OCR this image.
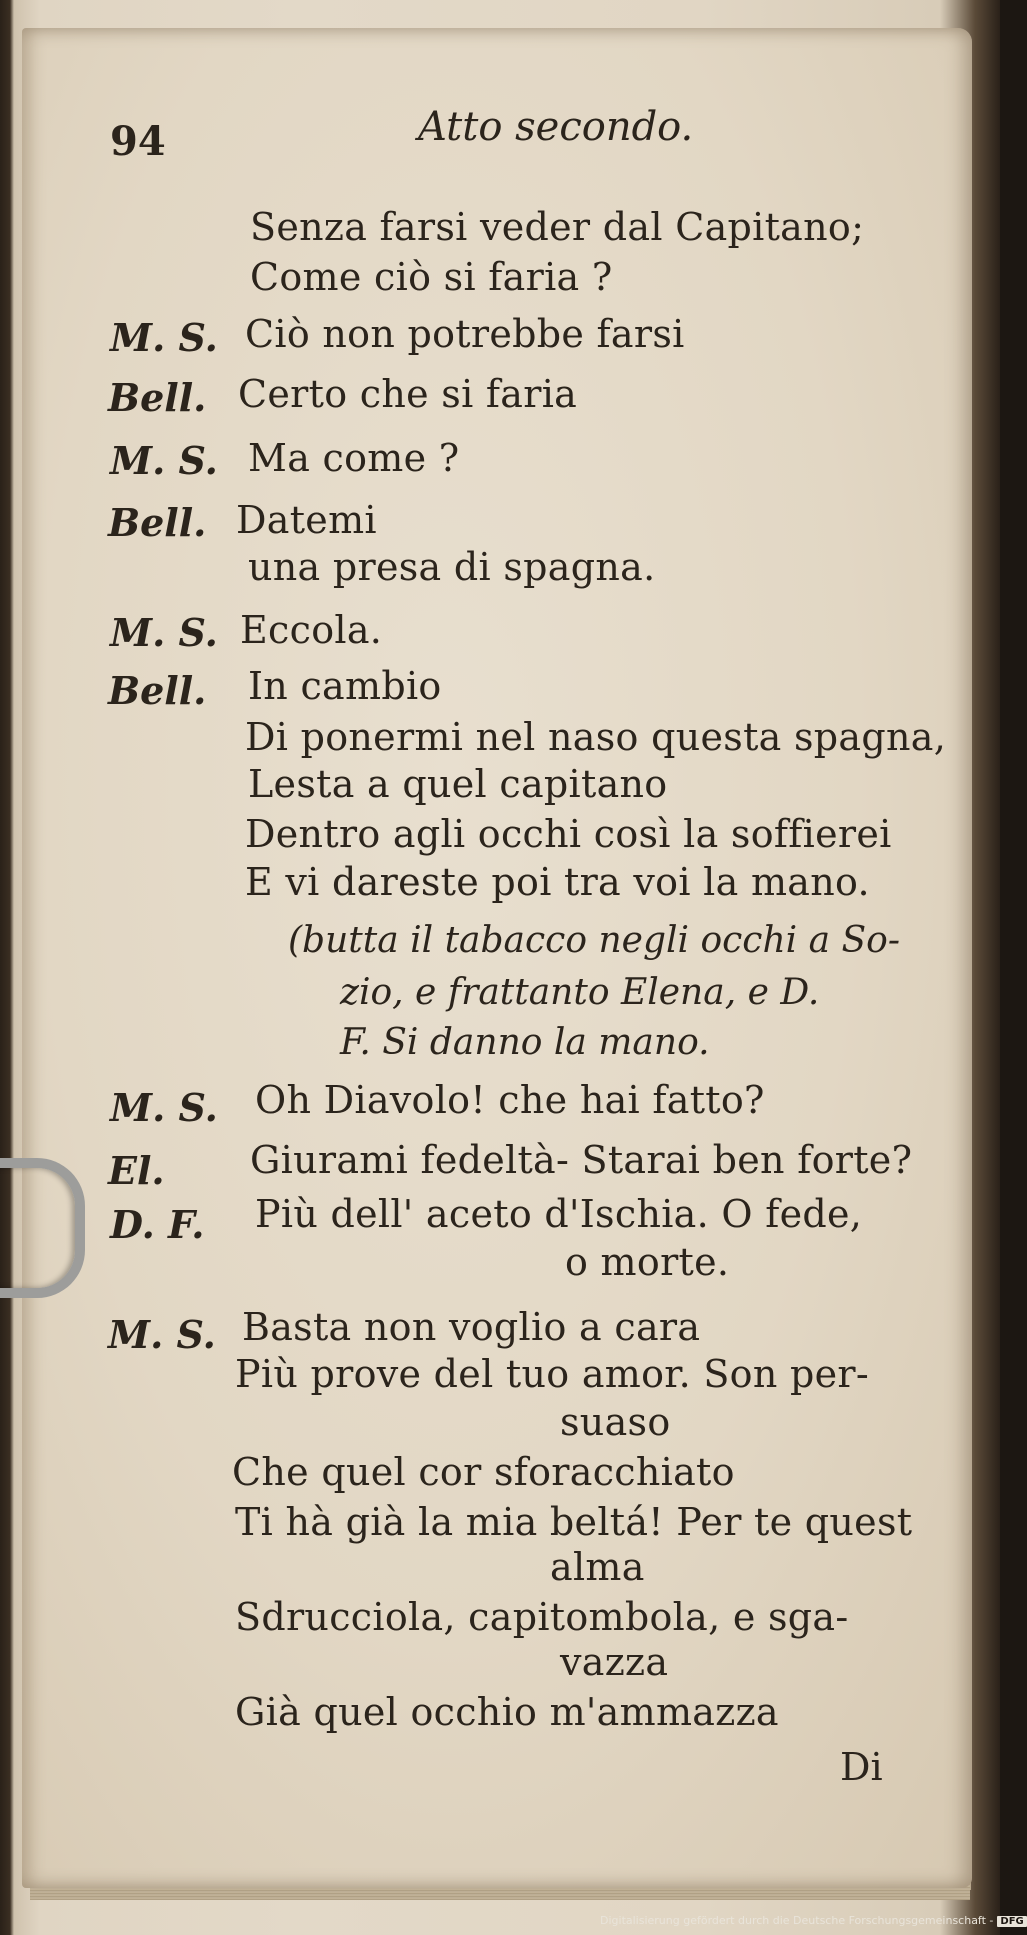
94	Atto secondo.
Senza farsi veder dal Capitano;
Come ciò si faria ?
M. S. Ciò non potrebbe farsi
Bell. Certo che si faria
M. S. Ma come ?
Bell. Datemi
una presa di spagna.
M. S. Eccola.
Bell. In cambio
Di ponermi nel naso questa spagna,
Lesta a quel capitano
Dentro agli occhi così la soffierei
E vi dareste poi tra voi la mano.
(butta il tabacco negli occhi a So-
zio, e frattanto Elena, e D.
F. Si danno la mano.
M. S. Oh Diavolo! che hai fatto?
El. Giurami fedeltà- Starai ben forte?
D. F. Più dell' aceto d'Ischia. O fede,
o morte.
M. S. Basta non voglio a cara
Più prove del tuo amor. Son per-
suaso
Che quel cor sforacchiato
Ti hà già la mia beltá! Per te quest
alma
Sdrucciola, capitombola, e sga-
vazza
Già quel occhio m'ammazza
Di
Digitalisierung gefördert durch die Deutsche Forschungsgemeinschaft - DFG
